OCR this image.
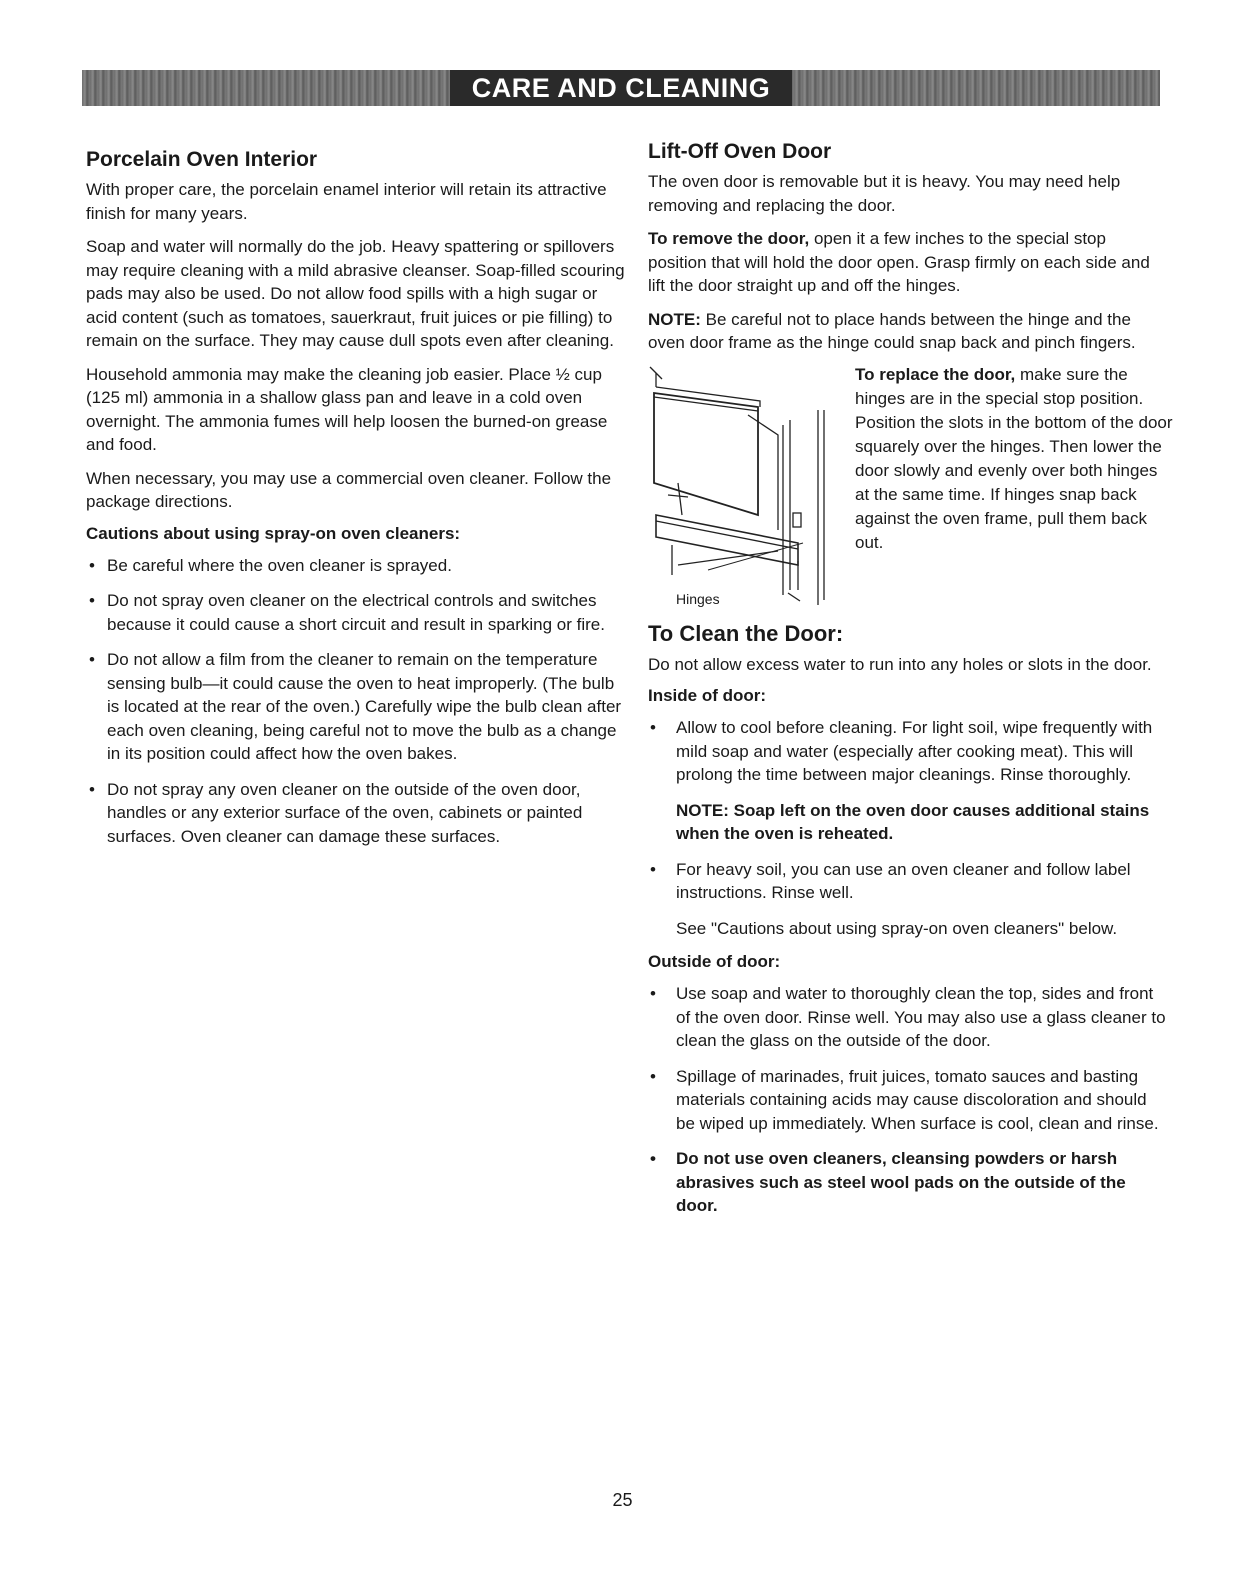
CARE AND CLEANING
Porcelain Oven Interior

With proper care, the porcelain enamel interior will retain its attractive finish for many years.

Soap and water will normally do the job. Heavy spattering or spillovers may require cleaning with a mild abrasive cleanser. Soap-filled scouring pads may also be used. Do not allow food spills with a high sugar or acid content (such as tomatoes, sauerkraut, fruit juices or pie filling) to remain on the surface. They may cause dull spots even after cleaning.

Household ammonia may make the cleaning job easier. Place ½ cup (125 ml) ammonia in a shallow glass pan and leave in a cold oven overnight. The ammonia fumes will help loosen the burned-on grease and food.

When necessary, you may use a commercial oven cleaner. Follow the package directions.

Cautions about using spray-on oven cleaners:
• Be careful where the oven cleaner is sprayed.
• Do not spray oven cleaner on the electrical controls and switches because it could cause a short circuit and result in sparking or fire.
• Do not allow a film from the cleaner to remain on the temperature sensing bulb—it could cause the oven to heat improperly. (The bulb is located at the rear of the oven.) Carefully wipe the bulb clean after each oven cleaning, being careful not to move the bulb as a change in its position could affect how the oven bakes.
• Do not spray any oven cleaner on the outside of the oven door, handles or any exterior surface of the oven, cabinets or painted surfaces. Oven cleaner can damage these surfaces.
Lift-Off Oven Door

The oven door is removable but it is heavy. You may need help removing and replacing the door.

To remove the door, open it a few inches to the special stop position that will hold the door open. Grasp firmly on each side and lift the door straight up and off the hinges.

NOTE: Be careful not to place hands between the hinge and the oven door frame as the hinge could snap back and pinch fingers.

Hinges
To replace the door, make sure the hinges are in the special stop position. Position the slots in the bottom of the door squarely over the hinges. Then lower the door slowly and evenly over both hinges at the same time. If hinges snap back against the oven frame, pull them back out.
To Clean the Door:

Do not allow excess water to run into any holes or slots in the door.

Inside of door:
• Allow to cool before cleaning. For light soil, wipe frequently with mild soap and water (especially after cooking meat). This will prolong the time between major cleanings. Rinse thoroughly.
NOTE: Soap left on the oven door causes additional stains when the oven is reheated.
• For heavy soil, you can use an oven cleaner and follow label instructions. Rinse well.
See "Cautions about using spray-on oven cleaners" below.
Outside of door:
• Use soap and water to thoroughly clean the top, sides and front of the oven door. Rinse well. You may also use a glass cleaner to clean the glass on the outside of the door.
• Spillage of marinades, fruit juices, tomato sauces and basting materials containing acids may cause discoloration and should be wiped up immediately. When surface is cool, clean and rinse.
• Do not use oven cleaners, cleansing powders or harsh abrasives such as steel wool pads on the outside of the door.
25
